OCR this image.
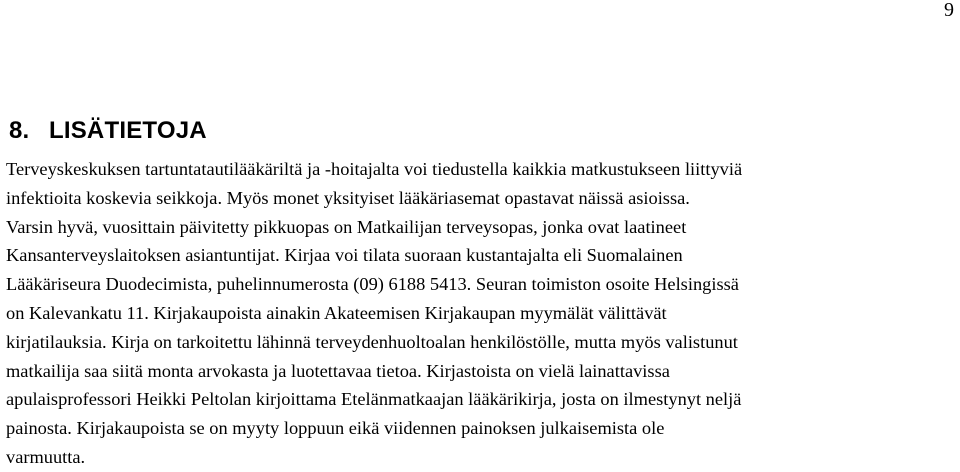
9
8. LISÄTIETOJA

Terveyskeskuksen tartuntatautilääkäriltä ja -hoitajalta voi tiedustella kaikkia matkustukseen liittyviä
infektioita koskevia seikkoja. Myös monet yksityiset lääkäriasemat opastavat näissä asioissa.
Varsin hyvä, vuosittain päivitetty pikkuopas on Matkailijan terveysopas, jonka ovat laatineet
Kansanterveyslaitoksen asiantuntijat. Kirjaa voi tilata suoraan kustantajalta eli Suomalainen
Lääkäriseura Duodecimista, puhelinnumerosta (09) 6188 5413. Seuran toimiston osoite Helsingissä
on Kalevankatu 11. Kirjakaupoista ainakin Akateemisen Kirjakaupan myymälät välittävät
kirjatilauksia. Kirja on tarkoitettu lähinnä terveydenhuoltoalan henkilöstölle, mutta myös valistunut
matkailija saa siitä monta arvokasta ja luotettavaa tietoa. Kirjastoista on vielä lainattavissa
apulaisprofessori Heikki Peltolan kirjoittama Etelänmatkaajan lääkärikirja, josta on ilmestynyt neljä
painosta. Kirjakaupoista se on myyty loppuun eikä viidennen painoksen julkaisemista ole
varmuutta.
